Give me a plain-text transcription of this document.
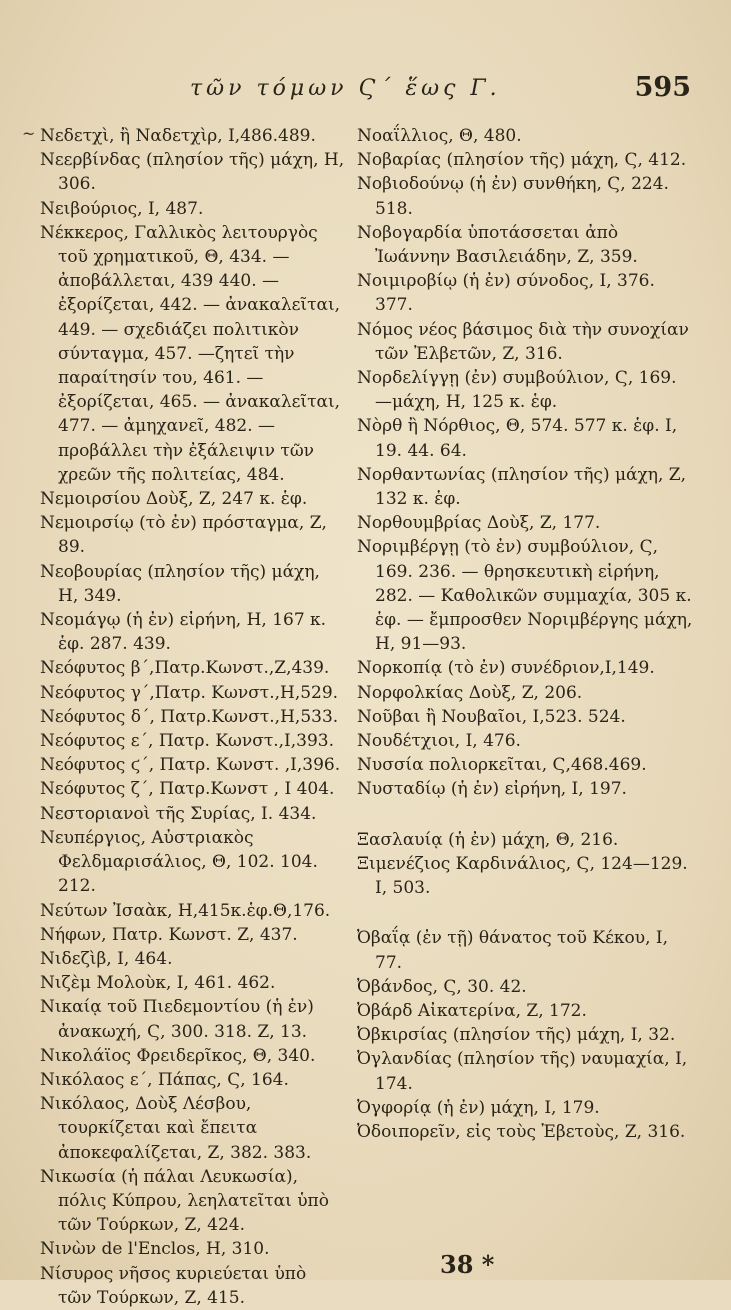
τῶν τόμων Ϛ΄ ἕως Γ.	595
~ Νεδετχὶ, ἢ Ναδετχὶρ, Ι,486.489.

Νεερβίνδας (πλησίον τῆς) μάχη, Η, 306.

Νειβούριος, Ι, 487.

Νέκκερος, Γαλλικὸς λειτουργὸς τοῦ χρηματικοῦ, Θ, 434. — ἀποβάλλεται, 439 440. —ἐξορίζεται, 442. — ἀνακαλεῖται, 449. — σχεδιάζει πολιτικὸν σύνταγμα, 457. —ζητεῖ τὴν παραίτησίν του, 461. —ἐξορίζεται, 465. — ἀνακαλεῖται, 477. — ἀμηχανεῖ, 482. — προβάλλει τὴν ἐξάλειψιν τῶν χρεῶν τῆς πολιτείας, 484.

Νεμοιρσίου Δοὺξ, Ζ, 247 κ. ἑφ.

Νεμοιρσίῳ (τὸ ἐν) πρόσταγμα, Ζ, 89.

Νεοβουρίας (πλησίον τῆς) μάχη, Η, 349.

Νεομάγῳ (ἡ ἐν) εἰρήνη, Η, 167 κ. ἑφ. 287. 439.

Νεόφυτος β΄,Πατρ.Κωνστ.,Ζ,439.

Νεόφυτος γ΄,Πατρ. Κωνστ.,Η,529.

Νεόφυτος δ΄, Πατρ.Κωνστ.,Η,533.

Νεόφυτος ε΄, Πατρ. Κωνστ.,Ι,393.

Νεόφυτος ϛ΄, Πατρ. Κωνστ. ,Ι,396.

Νεόφυτος ζ΄, Πατρ.Κωνστ , Ι 404.

Νεστοριανοὶ τῆς Συρίας, Ι. 434.

Νευπέργιος, Αὐστριακὸς Φελδμαρισάλιος, Θ, 102. 104. 212.

Νεύτων Ἰσαὰκ, Η,415κ.ἑφ.Θ,176.

Νήφων, Πατρ. Κωνστ. Ζ, 437.

Νιδεζὶβ, Ι, 464.

Νιζὲμ Μολοὺκ, Ι, 461. 462.

Νικαίᾳ τοῦ Πιεδεμοντίου (ἡ ἐν) ἀνακωχή, Ϛ, 300. 318. Ζ, 13.

Νικολάϊος Φρειδερῖκος, Θ, 340.

Νικόλαος ε΄, Πάπας, Ϛ, 164.

Νικόλαος, Δοὺξ Λέσβου, τουρκίζεται καὶ ἔπειτα ἀποκεφαλίζεται, Ζ, 382. 383.

Νικωσία (ἡ πάλαι Λευκωσία), πόλις Κύπρου, λεηλατεῖται ὑπὸ τῶν Τούρκων, Ζ, 424.

Νινὼν de l'Enclos, Η, 310.

Νίσυρος νῆσος κυριεύεται ὑπὸ τῶν Τούρκων, Ζ, 415.

Νοαΐλλιος, Θ, 480.

Νοβαρίας (πλησίον τῆς) μάχη, Ϛ, 412.

Νοβιοδούνῳ (ἡ ἐν) συνθήκη, Ϛ, 224. 518.

Νοβογαρδία ὑποτάσσεται ἀπὸ Ἰωάννην Βασιλειάδην, Ζ, 359.

Νοιμιροβίῳ (ἡ ἐν) σύνοδος, Ι, 376. 377.

Νόμος νέος βάσιμος διὰ τὴν συνοχίαν τῶν Ἐλβετῶν, Ζ, 316.

Νορδελίγγῃ (ἐν) συμβούλιον, Ϛ, 169. —μάχη, Η, 125 κ. ἑφ.

Νὸρθ ἢ Νόρθιος, Θ, 574. 577 κ. ἑφ. Ι, 19. 44. 64.

Νορθαντωνίας (πλησίον τῆς) μάχη, Ζ, 132 κ. ἑφ.

Νορθουμβρίας Δοὺξ, Ζ, 177.

Νοριμβέργῃ (τὸ ἐν) συμβούλιον, Ϛ, 169. 236. — θρησκευτικὴ εἰρήνη, 282. — Καθολικῶν συμμαχία, 305 κ. ἑφ. — ἔμπροσθεν Νοριμβέργης μάχη, Η, 91—93.

Νορκοπίᾳ (τὸ ἐν) συνέδριον,Ι,149.

Νορφολκίας Δοὺξ, Ζ, 206.

Νοῦβαι ἢ Νουβαῖοι, Ι,523. 524.

Νουδέτχιοι, Ι, 476.

Νυσσία πολιορκεῖται, Ϛ,468.469.

Νυσταδίῳ (ἡ ἐν) εἰρήνη, Ι, 197.

Ξασλαυίᾳ (ἡ ἐν) μάχη, Θ, 216.

Ξιμενέζιος Καρδινάλιος, Ϛ, 124—129. Ι, 503.

Ὀβαΐᾳ (ἐν τῇ) θάνατος τοῦ Κέκου, Ι, 77.

Ὀβάνδος, Ϛ, 30. 42.

Ὀβάρδ Αἰκατερίνα, Ζ, 172.

Ὀβκιρσίας (πλησίον τῆς) μάχη, Ι, 32.

Ὀγλανδίας (πλησίον τῆς) ναυμαχία, Ι, 174.

Ὀγφορίᾳ (ἡ ἐν) μάχη, Ι, 179.

Ὀδοιπορεῖν, εἰς τοὺς Ἐβετοὺς, Ζ, 316.

38 *
